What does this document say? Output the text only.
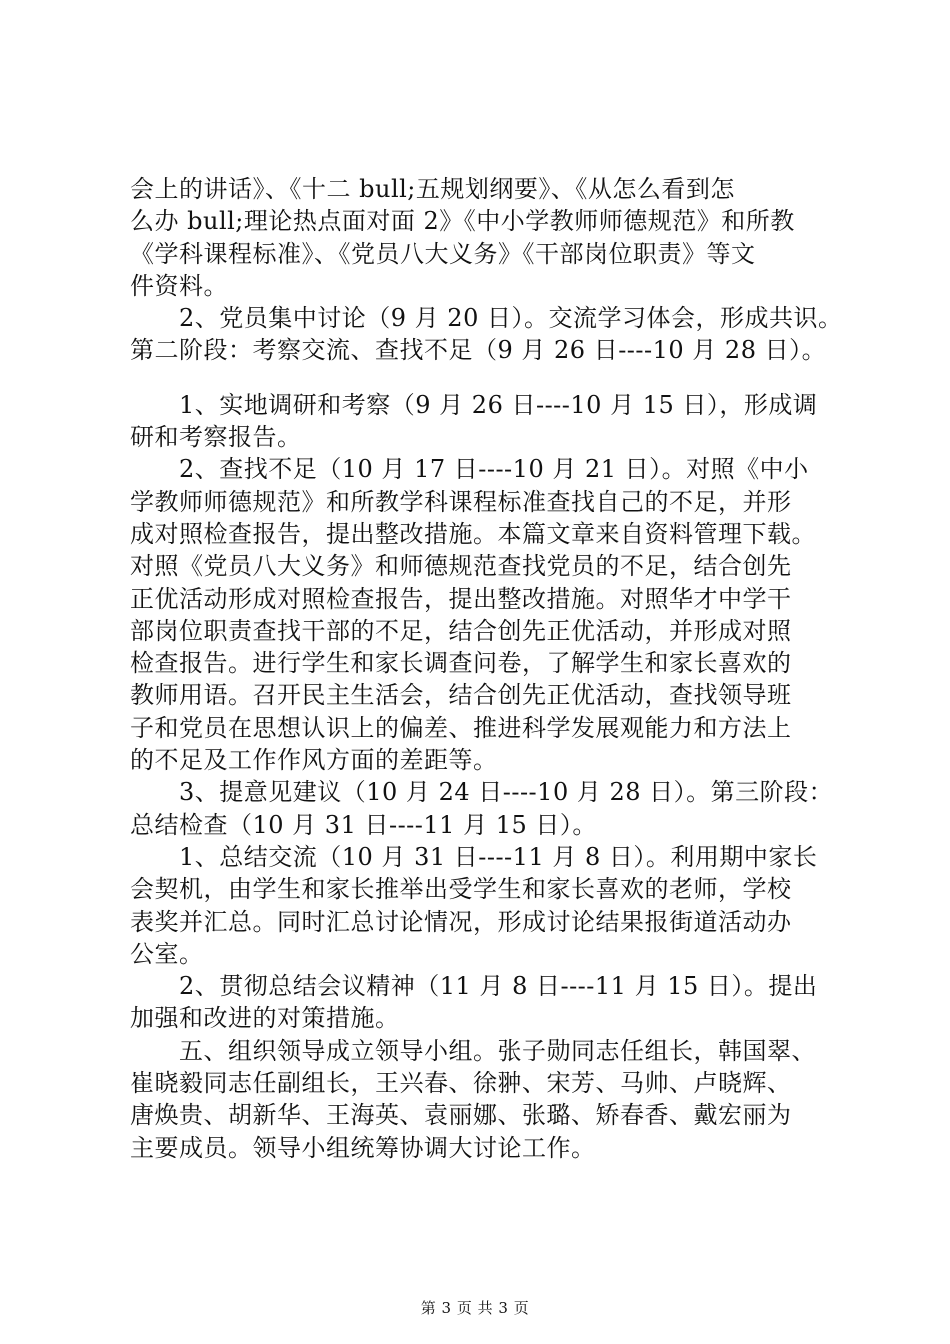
会上的讲话》、《十二 bull;五规划纲要》、《从怎么看到怎
么办 bull;理论热点面对面 2》《中小学教师师德规范》和所教
《学科课程标准》、《党员八大义务》《干部岗位职责》等文
件资料。
　　2、党员集中讨论（9 月 20 日）。交流学习体会，形成共识。
第二阶段：考察交流、查找不足（9 月 26 日----10 月 28 日）。
　　1、实地调研和考察（9 月 26 日----10 月 15 日），形成调
研和考察报告。
　　2、查找不足（10 月 17 日----10 月 21 日）。对照《中小
学教师师德规范》和所教学科课程标准查找自己的不足，并形
成对照检查报告，提出整改措施。本篇文章来自资料管理下载。
对照《党员八大义务》和师德规范查找党员的不足，结合创先
正优活动形成对照检查报告，提出整改措施。对照华才中学干
部岗位职责查找干部的不足，结合创先正优活动，并形成对照
检查报告。进行学生和家长调查问卷，了解学生和家长喜欢的
教师用语。召开民主生活会，结合创先正优活动，查找领导班
子和党员在思想认识上的偏差、推进科学发展观能力和方法上
的不足及工作作风方面的差距等。
　　3、提意见建议（10 月 24 日----10 月 28 日）。第三阶段：
总结检查（10 月 31 日----11 月 15 日）。
　　1、总结交流（10 月 31 日----11 月 8 日）。利用期中家长
会契机，由学生和家长推举出受学生和家长喜欢的老师，学校
表奖并汇总。同时汇总讨论情况，形成讨论结果报街道活动办
公室。
　　2、贯彻总结会议精神（11 月 8 日----11 月 15 日）。提出
加强和改进的对策措施。
　　五、组织领导成立领导小组。张子勋同志任组长，韩国翠、
崔晓毅同志任副组长，王兴春、徐翀、宋芳、马帅、卢晓辉、
唐焕贵、胡新华、王海英、袁丽娜、张璐、矫春香、戴宏丽为
主要成员。领导小组统筹协调大讨论工作。
第 3 页 共 3 页
